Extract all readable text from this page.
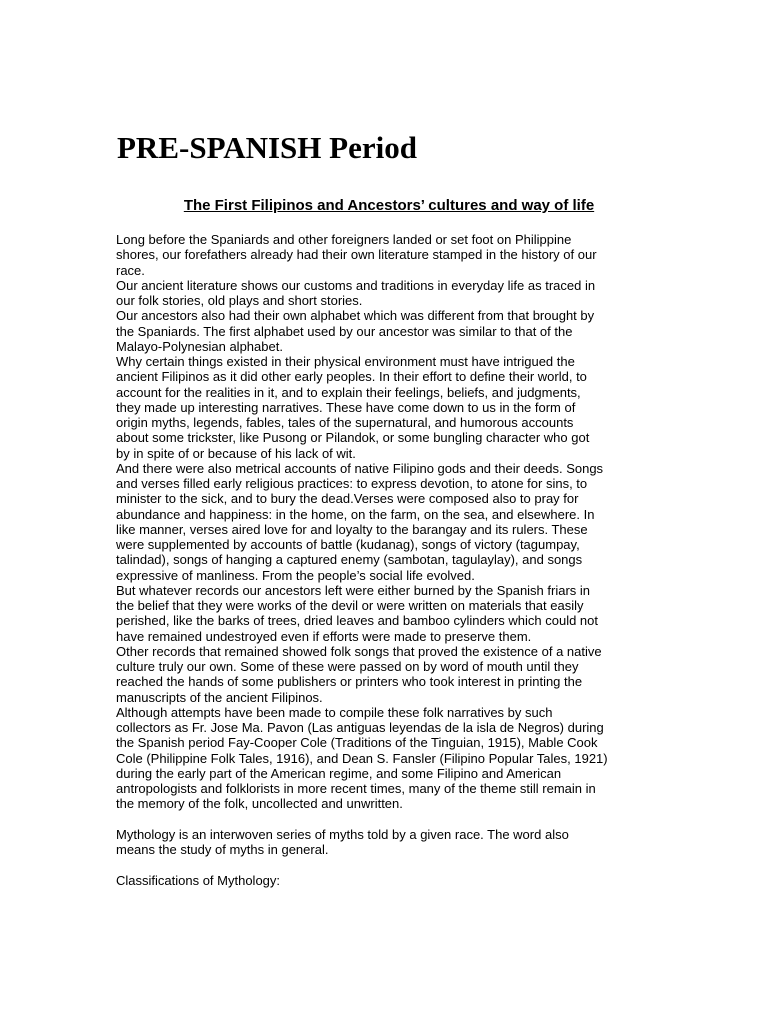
PRE-SPANISH Period
The First Filipinos and Ancestors’ cultures and way of life
Long before the Spaniards and other foreigners landed or set foot on Philippine
shores, our forefathers already had their own literature stamped in the history of our
race.
Our ancient literature shows our customs and traditions in everyday life as traced in
our folk stories, old plays and short stories.
Our ancestors also had their own alphabet which was different from that brought by
the Spaniards. The first alphabet used by our ancestor was similar to that of the
Malayo-Polynesian alphabet.
Why certain things existed in their physical environment must have intrigued the
ancient Filipinos as it did other early peoples. In their effort to define their world, to
account for the realities in it, and to explain their feelings, beliefs, and judgments,
they made up interesting narratives. These have come down to us in the form of
origin myths, legends, fables, tales of the supernatural, and humorous accounts
about some trickster, like Pusong or Pilandok, or some bungling character who got
by in spite of or because of his lack of wit.
And there were also metrical accounts of native Filipino gods and their deeds. Songs
and verses filled early religious practices: to express devotion, to atone for sins, to
minister to the sick, and to bury the dead.Verses were composed also to pray for
abundance and happiness: in the home, on the farm, on the sea, and elsewhere. In
like manner, verses aired love for and loyalty to the barangay and its rulers. These
were supplemented by accounts of battle (kudanag), songs of victory (tagumpay,
talindad), songs of hanging a captured enemy (sambotan, tagulaylay), and songs
expressive of manliness. From the people’s social life evolved.
But whatever records our ancestors left were either burned by the Spanish friars in
the belief that they were works of the devil or were written on materials that easily
perished, like the barks of trees, dried leaves and bamboo cylinders which could not
have remained undestroyed even if efforts were made to preserve them.
Other records that remained showed folk songs that proved the existence of a native
culture truly our own. Some of these were passed on by word of mouth until they
reached the hands of some publishers or printers who took interest in printing the
manuscripts of the ancient Filipinos.
Although attempts have been made to compile these folk narratives by such
collectors as Fr. Jose Ma. Pavon (Las antiguas leyendas de la isla de Negros) during
the Spanish period Fay-Cooper Cole (Traditions of the Tinguian, 1915), Mable Cook
Cole (Philippine Folk Tales, 1916), and Dean S. Fansler (Filipino Popular Tales, 1921)
during the early part of the American regime, and some Filipino and American
antropologists and folklorists in more recent times, many of the theme still remain in
the memory of the folk, uncollected and unwritten.
Mythology is an interwoven series of myths told by a given race. The word also
means the study of myths in general.
Classifications of Mythology:
